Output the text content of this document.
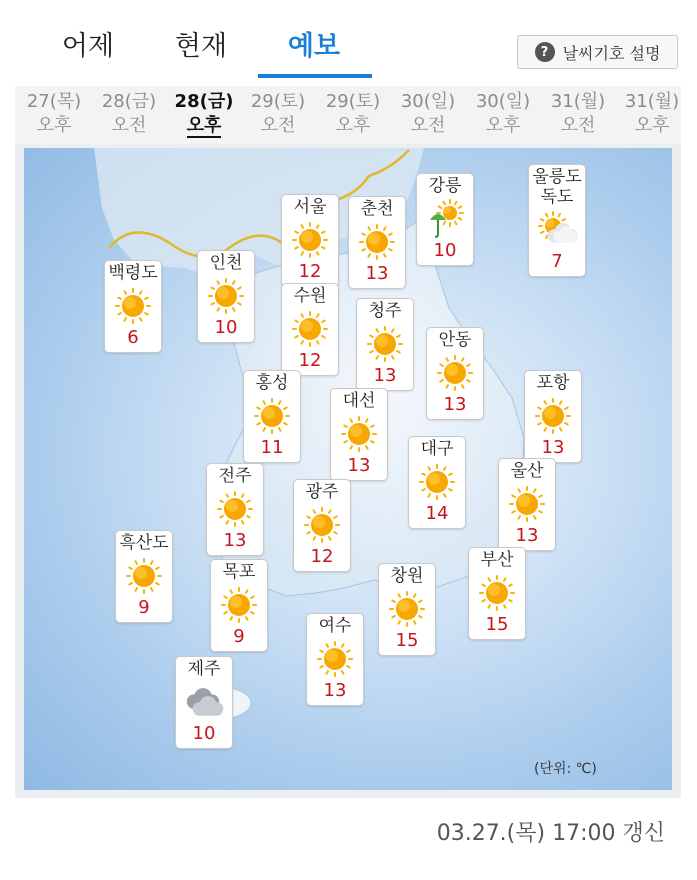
어제	현재	예보	? 날씨기호 설명
27(목)
오후
28(금)
오전
28(금)
오후
29(토)
오전
29(토)
오후
30(일)
오전
30(일)
오후
31(월)
오전
31(월)
오후
서울
12
춘천
13
강릉
10
울릉도
독도
7
백령도
6
인천
10
수원
12
청주
13
안동
13
홍성
11
대선
13
포항
13
대구
14
전주
13
광주
12
울산
13
흑산도
9
목포
9
창원
15
부산
15
여수
13
제주
10
(단위: ℃)
03.27.(목) 17:00 갱신
